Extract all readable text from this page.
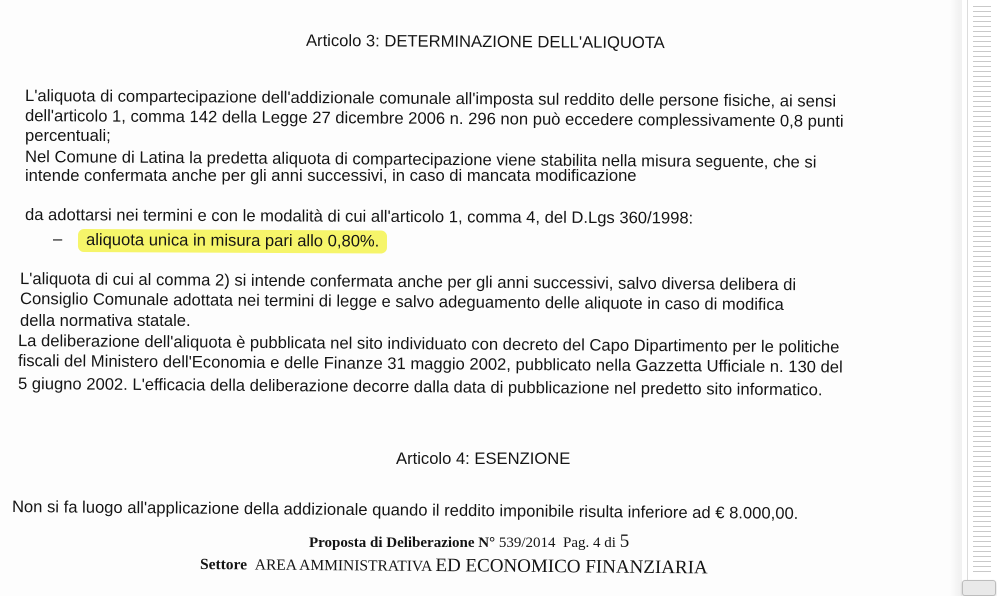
Articolo 3: DETERMINAZIONE DELL'ALIQUOTA
L'aliquota di compartecipazione dell'addizionale comunale all'imposta sul reddito delle persone fisiche, ai sensi
dell'articolo 1, comma 142 della Legge 27 dicembre 2006 n. 296 non può eccedere complessivamente 0,8 punti
percentuali;
Nel Comune di Latina la predetta aliquota di compartecipazione viene stabilita nella misura seguente, che si
intende confermata anche per gli anni successivi, in caso di mancata modificazione
da adottarsi nei termini e con le modalità di cui all'articolo 1, comma 4, del D.Lgs 360/1998:
– aliquota unica in misura pari allo 0,80%.
L'aliquota di cui al comma 2) si intende confermata anche per gli anni successivi, salvo diversa delibera di
Consiglio Comunale adottata nei termini di legge e salvo adeguamento delle aliquote in caso di modifica
della normativa statale.
La deliberazione dell'aliquota è pubblicata nel sito individuato con decreto del Capo Dipartimento per le politiche
fiscali del Ministero dell'Economia e delle Finanze 31 maggio 2002, pubblicato nella Gazzetta Ufficiale n. 130 del
5 giugno 2002. L'efficacia della deliberazione decorre dalla data di pubblicazione nel predetto sito informatico.
Articolo 4: ESENZIONE
Non si fa luogo all'applicazione della addizionale quando il reddito imponibile risulta inferiore ad € 8.000,00.
Proposta di Deliberazione N° 539/2014 Pag. 4 di 5
Settore AREA AMMINISTRATIVA ED ECONOMICO FINANZIARIA
